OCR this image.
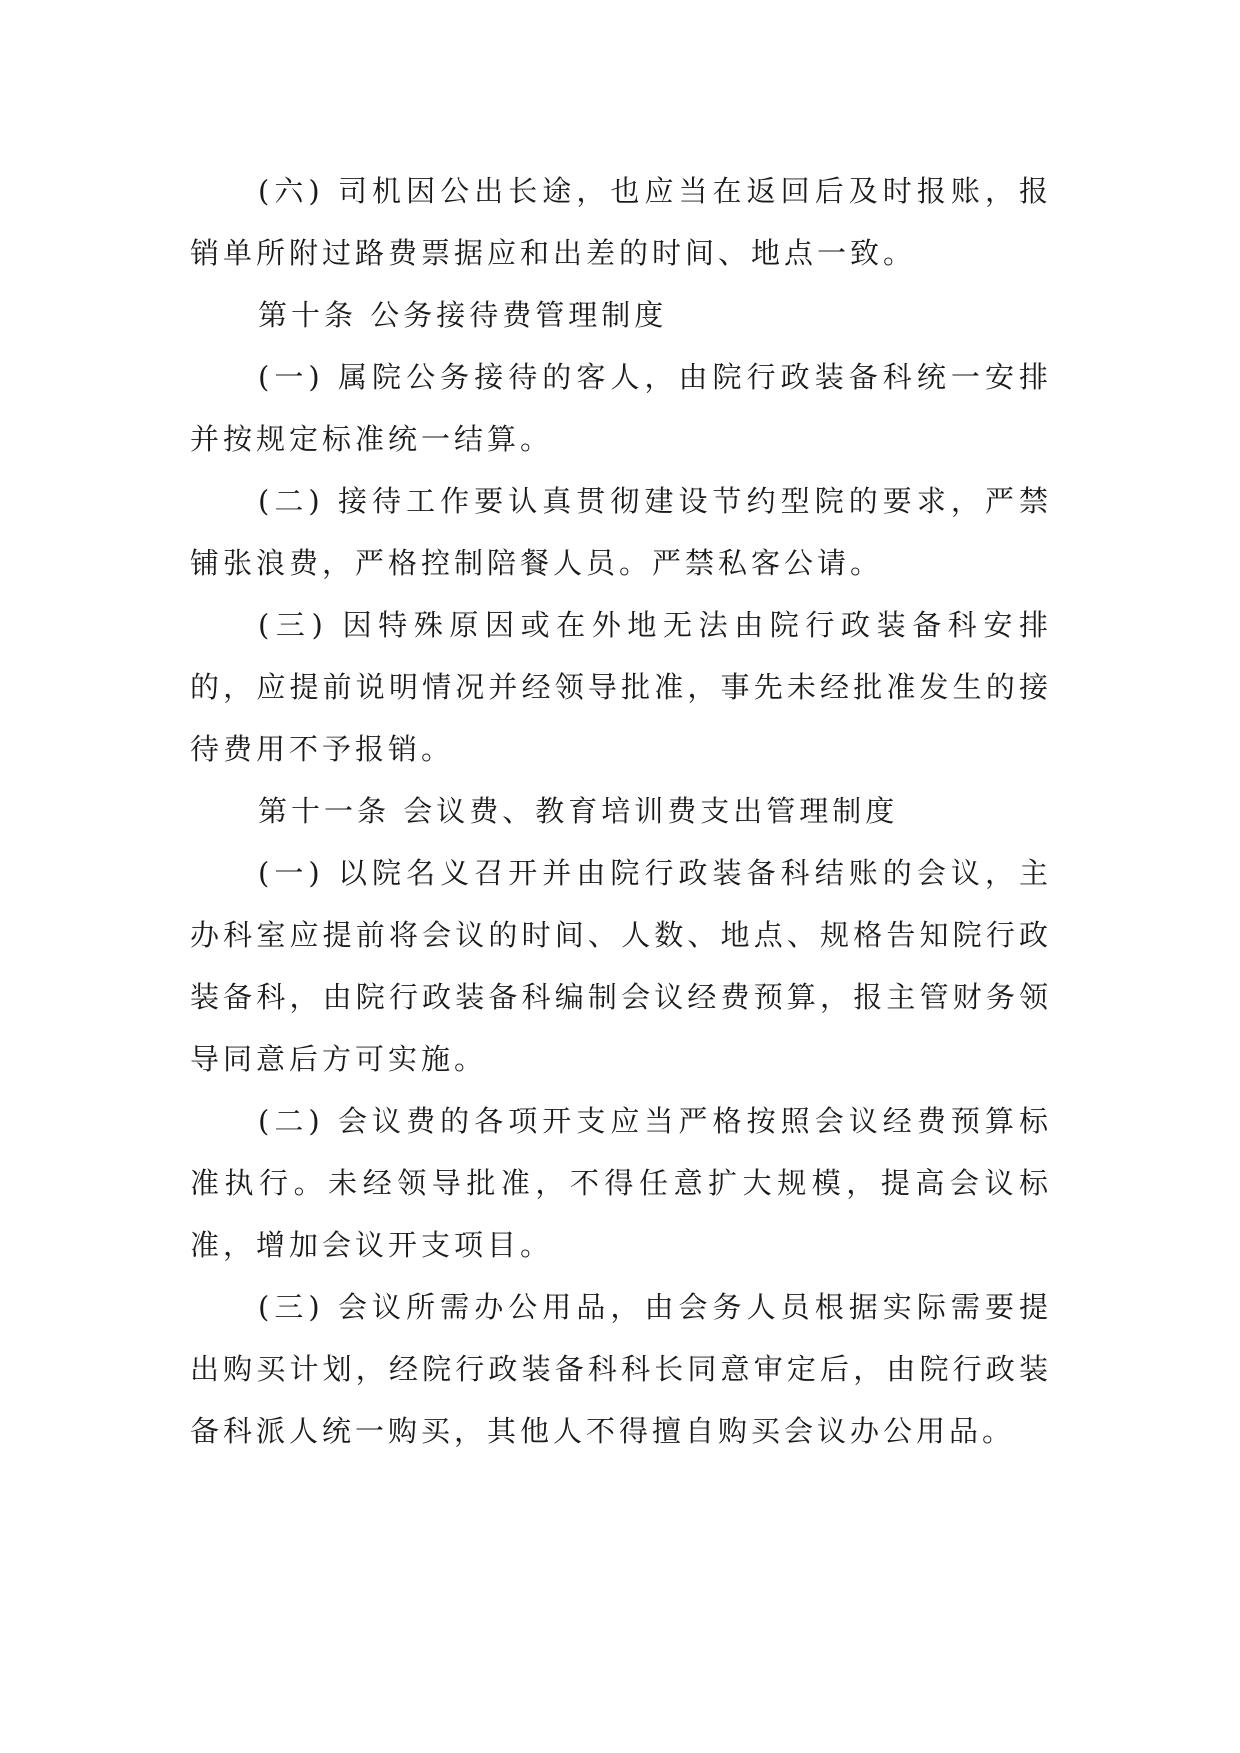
(六) 司机因公出长途，也应当在返回后及时报账，报销单所附过路费票据应和出差的时间、地点一致。

第十条 公务接待费管理制度

(一) 属院公务接待的客人，由院行政装备科统一安排并按规定标准统一结算。

(二) 接待工作要认真贯彻建设节约型院的要求，严禁铺张浪费，严格控制陪餐人员。严禁私客公请。

(三) 因特殊原因或在外地无法由院行政装备科安排的，应提前说明情况并经领导批准，事先未经批准发生的接待费用不予报销。

第十一条 会议费、教育培训费支出管理制度

(一) 以院名义召开并由院行政装备科结账的会议，主办科室应提前将会议的时间、人数、地点、规格告知院行政装备科，由院行政装备科编制会议经费预算，报主管财务领导同意后方可实施。

(二) 会议费的各项开支应当严格按照会议经费预算标准执行。未经领导批准，不得任意扩大规模，提高会议标准，增加会议开支项目。

(三) 会议所需办公用品，由会务人员根据实际需要提出购买计划，经院行政装备科科长同意审定后，由院行政装备科派人统一购买，其他人不得擅自购买会议办公用品。
